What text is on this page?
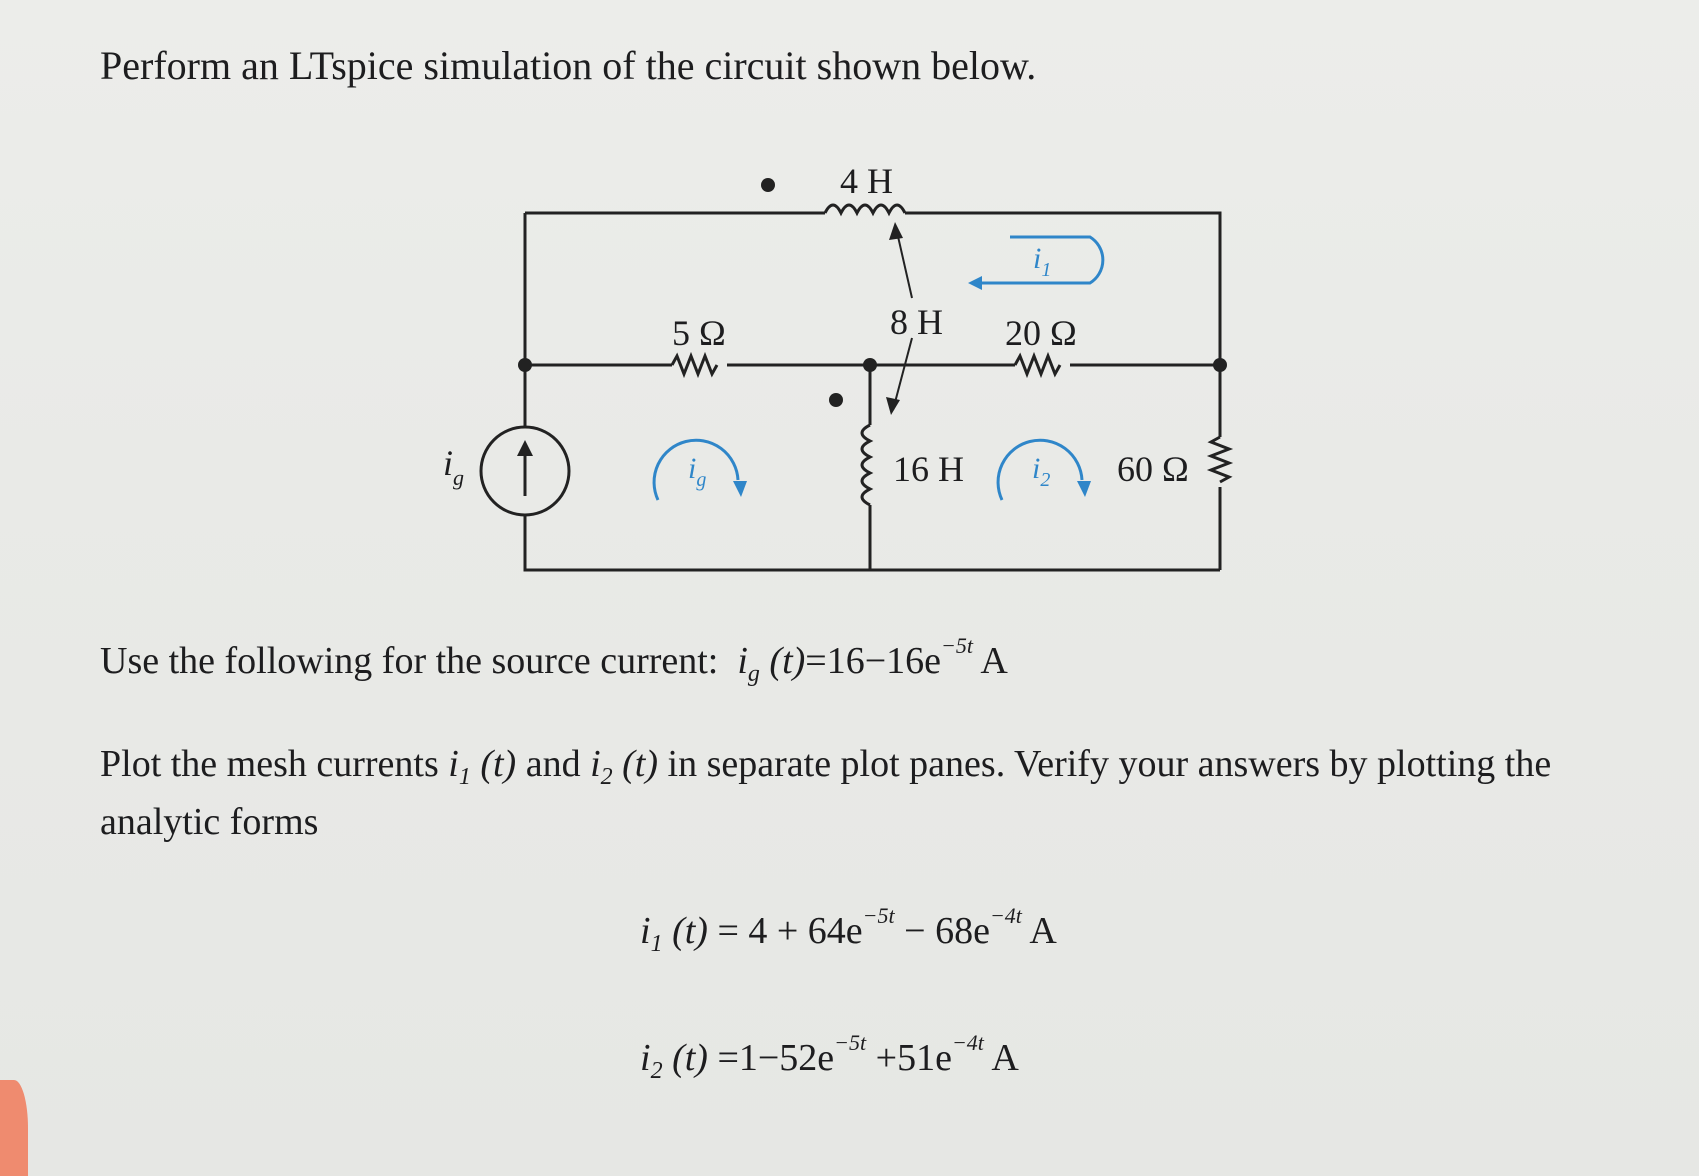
Perform an LTspice simulation of the circuit shown below.
4 H
8 H
16 H
5 Ω	20 Ω
60 Ω
$i_g$	$i_g$
$i_1$
$i_2$
Use the following for the source current: $i_g$ $(t)=16-16e^{-5t}$ A
Plot the mesh currents $i_1$ (t) and $i_2$ (t) in separate plot panes. Verify your answers by plotting the
analytic forms
$i_1$ $(t) = 4 + 64e^{-5t} - 68e^{-4t}$ A
$i_2$ $(t) =1-52e^{-5t} +51e^{-4t}$ A
